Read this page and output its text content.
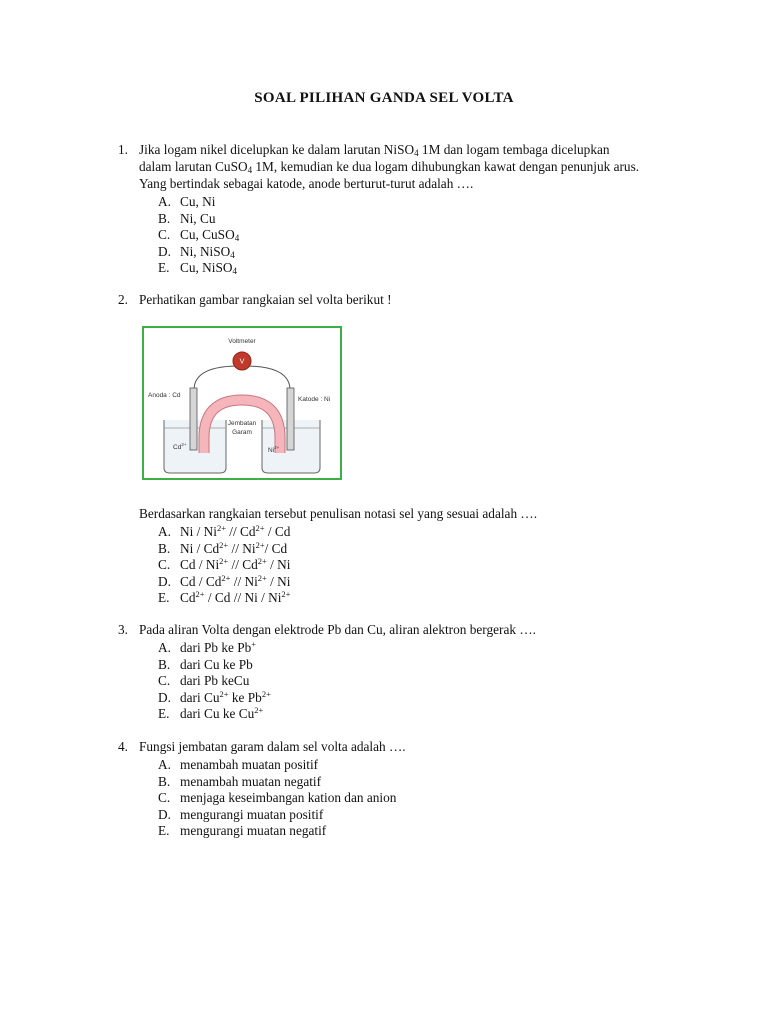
SOAL PILIHAN GANDA SEL VOLTA
1. Jika logam nikel dicelupkan ke dalam larutan NiSO$_4$ 1M dan logam tembaga dicelupkan
dalam larutan CuSO$_4$ 1M, kemudian ke dua logam dihubungkan kawat dengan penunjuk arus.
Yang bertindak sebagai katode, anode berturut-turut adalah ….
A. Cu, Ni
B. Ni, Cu
C. Cu, CuSO$_4$
D. Ni, NiSO$_4$
E. Cu, NiSO$_4$
2. Perhatikan gambar rangkaian sel volta berikut !
V
Voltmeter
Anoda : Cd
Katode : Ni
Jembatan
Garam
$Cd^{2+}$
$Ni^{2+}$
Berdasarkan rangkaian tersebut penulisan notasi sel yang sesuai adalah ….
A. Ni / $Ni^{2+} // Cd^{2+}$ / Cd
B. Ni / $Cd^{2+} // Ni^{2+}/$ Cd
C. Cd / $Ni^{2+} // Cd^{2+}$ / Ni
D. Cd / $Cd^{2+} // Ni^{2+}$ / Ni
E. $Cd^{2+}$ / Cd // Ni / $Ni^{2+}$
3. Pada aliran Volta dengan elektrode Pb dan Cu, aliran alektron bergerak ….
A. dari Pb ke Pb+
B. dari Cu ke Pb
C. dari Pb keCu
D. dari $Cu^{2+}$ ke $Pb^{2+}$
E. dari Cu ke $Cu^{2+}$
4. Fungsi jembatan garam dalam sel volta adalah ….
A. menambah muatan positif
B. menambah muatan negatif
C. menjaga keseimbangan kation dan anion
D. mengurangi muatan positif
E. mengurangi muatan negatif
